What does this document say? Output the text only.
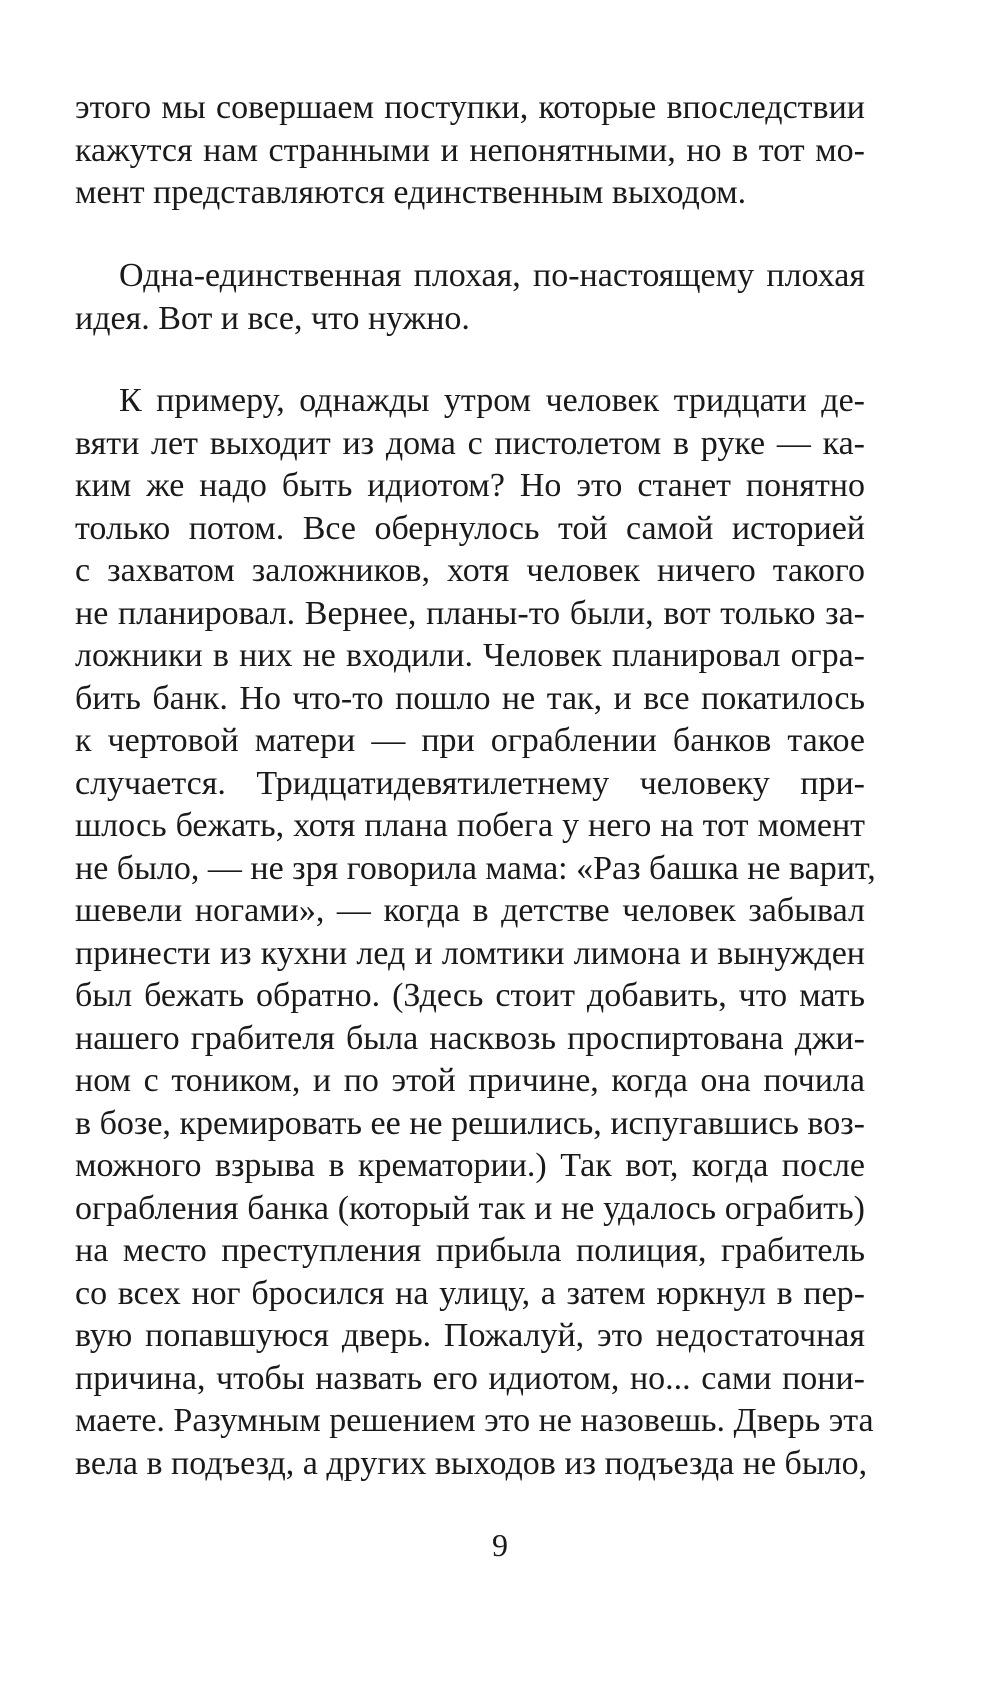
этого мы совершаем поступки, которые впоследствии
кажутся нам странными и непонятными, но в тот мо-
мент представляются единственным выходом.
Одна-единственная плохая, по-настоящему плохая
идея. Вот и все, что нужно.
К примеру, однажды утром человек тридцати де-
вяти лет выходит из дома с пистолетом в руке — ка-
ким же надо быть идиотом? Но это станет понятно
только потом. Все обернулось той самой историей
с захватом заложников, хотя человек ничего такого
не планировал. Вернее, планы-то были, вот только за-
ложники в них не входили. Человек планировал огра-
бить банк. Но что-то пошло не так, и все покатилось
к чертовой матери — при ограблении банков такое
случается. Тридцатидевятилетнему человеку при-
шлось бежать, хотя плана побега у него на тот момент
не было, — не зря говорила мама: «Раз башка не варит,
шевели ногами», — когда в детстве человек забывал
принести из кухни лед и ломтики лимона и вынужден
был бежать обратно. (Здесь стоит добавить, что мать
нашего грабителя была насквозь проспиртована джи-
ном с тоником, и по этой причине, когда она почила
в бозе, кремировать ее не решились, испугавшись воз-
можного взрыва в крематории.) Так вот, когда после
ограбления банка (который так и не удалось ограбить)
на место преступления прибыла полиция, грабитель
со всех ног бросился на улицу, а затем юркнул в пер-
вую попавшуюся дверь. Пожалуй, это недостаточная
причина, чтобы назвать его идиотом, но... сами пони-
маете. Разумным решением это не назовешь. Дверь эта
вела в подъезд, а других выходов из подъезда не было,
9
